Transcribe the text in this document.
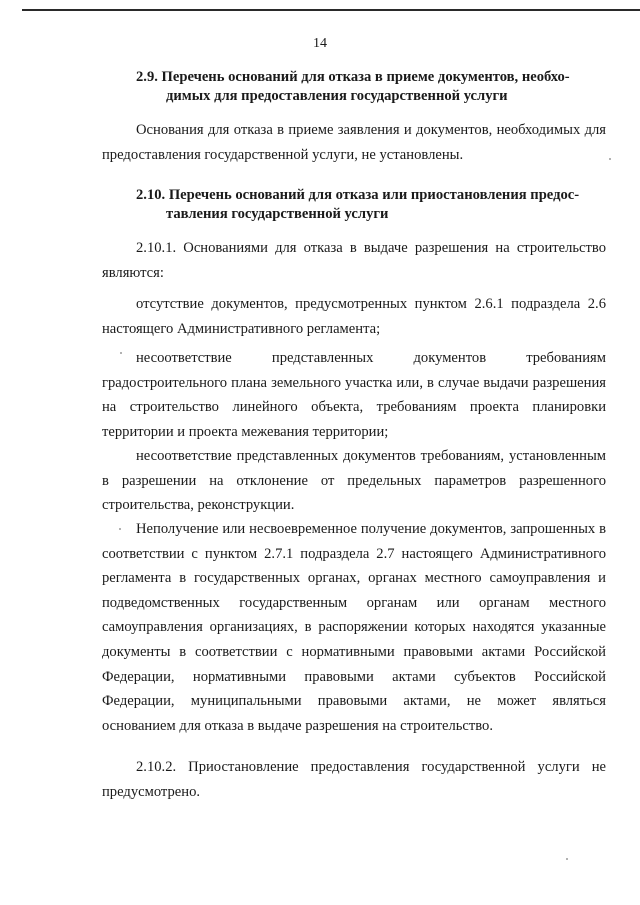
14
2.9. Перечень оснований для отказа в приеме документов, необхо-
димых для предоставления государственной услуги
Основания для отказа в приеме заявления и документов, необходимых для предоставления государственной услуги, не установлены.
2.10. Перечень оснований для отказа или приостановления предос-
тавления государственной услуги
2.10.1. Основаниями для отказа в выдаче разрешения на строительство являются:
отсутствие документов, предусмотренных пунктом 2.6.1 подраздела 2.6 настоящего Административного регламента;
несоответствие представленных документов требованиям градостроительного плана земельного участка или, в случае выдачи разрешения на строительство линейного объекта, требованиям проекта планировки территории и проекта межевания территории;
несоответствие представленных документов требованиям, установленным в разрешении на отклонение от предельных параметров разрешенного строительства, реконструкции.
Неполучение или несвоевременное получение документов, запрошенных в соответствии с пунктом 2.7.1 подраздела 2.7 настоящего Административного регламента в государственных органах, органах местного самоуправления и подведомственных государственным органам или органам местного самоуправления организациях, в распоряжении которых находятся указанные документы в соответствии с нормативными правовыми актами Российской Федерации, нормативными правовыми актами субъектов Российской Федерации, муниципальными правовыми актами, не может являться основанием для отказа в выдаче разрешения на строительство.
2.10.2. Приостановление предоставления государственной услуги не предусмотрено.
